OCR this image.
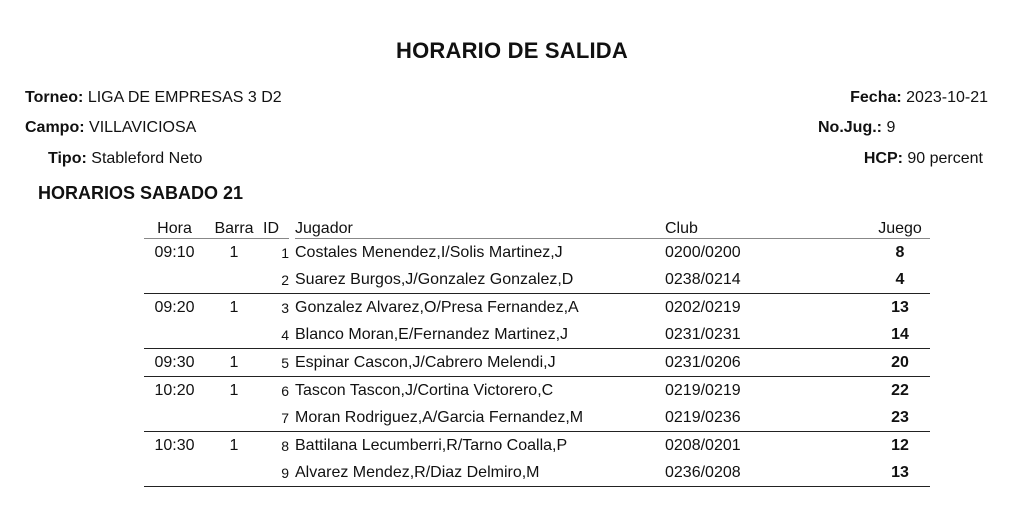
HORARIO DE SALIDA
Torneo: LIGA DE EMPRESAS 3 D2
Campo: VILLAVICIOSA
Tipo: Stableford Neto
Fecha: 2023-10-21
No.Jug.: 9
HCP: 90 percent
HORARIOS SABADO 21
Hora	Barra	ID	Jugador	Club	Juego
09:10	1	1	Costales Menendez,I/Solis Martinez,J	0200/0200	8
		2	Suarez Burgos,J/Gonzalez Gonzalez,D	0238/0214	4
09:20	1	3	Gonzalez Alvarez,O/Presa Fernandez,A	0202/0219	13
		4	Blanco Moran,E/Fernandez Martinez,J	0231/0231	14
09:30	1	5	Espinar Cascon,J/Cabrero Melendi,J	0231/0206	20
10:20	1	6	Tascon Tascon,J/Cortina Victorero,C	0219/0219	22
		7	Moran Rodriguez,A/Garcia Fernandez,M	0219/0236	23
10:30	1	8	Battilana Lecumberri,R/Tarno Coalla,P	0208/0201	12
		9	Alvarez Mendez,R/Diaz Delmiro,M	0236/0208	13
